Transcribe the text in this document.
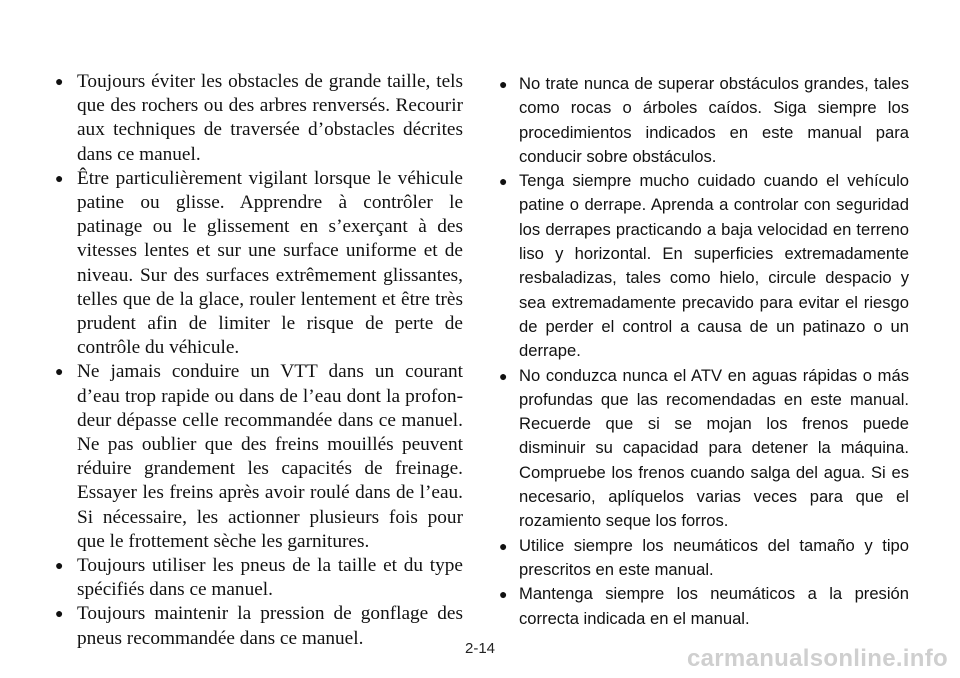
● Toujours éviter les obstacles de grande taille, tels que des rochers ou des arbres renversés. Recourir aux techniques de traversée d’obstacles décrites dans ce manuel.

● Être particulièrement vigilant lorsque le véhicule patine ou glisse. Apprendre à contrôler le patinage ou le glissement en s’exerçant à des vitesses lentes et sur une surface uniforme et de niveau. Sur des surfaces extrêmement glissantes, telles que de la glace, rouler lentement et être très prudent afin de limiter le risque de perte de contrôle du véhicule.

● Ne jamais conduire un VTT dans un courant d’eau trop rapide ou dans de l’eau dont la profondeur dépasse celle recommandée dans ce manuel. Ne pas oublier que des freins mouillés peuvent réduire grandement les capacités de freinage. Essayer les freins après avoir roulé dans de l’eau. Si nécessaire, les actionner plusieurs fois pour que le frottement sèche les garnitures.

● Toujours utiliser les pneus de la taille et du type spécifiés dans ce manuel.

● Toujours maintenir la pression de gonflage des pneus recommandée dans ce manuel.

● No trate nunca de superar obstáculos grandes, tales como rocas o árboles caídos. Siga siempre los procedimientos indicados en este manual para conducir sobre obstáculos.

● Tenga siempre mucho cuidado cuando el vehículo patine o derrape. Aprenda a controlar con seguridad los derrapes practicando a baja velocidad en terreno liso y horizontal. En superficies extremadamente resbaladizas, tales como hielo, circule despacio y sea extremadamente precavido para evitar el riesgo de perder el control a causa de un patinazo o un derrape.

● No conduzca nunca el ATV en aguas rápidas o más profundas que las recomendadas en este manual. Recuerde que si se mojan los frenos puede disminuir su capacidad para detener la máquina. Compruebe los frenos cuando salga del agua. Si es necesario, aplíquelos varias veces para que el rozamiento seque los forros.

● Utilice siempre los neumáticos del tamaño y tipo prescritos en este manual.

● Mantenga siempre los neumáticos a la presión correcta indicada en el manual.

2-14	carmanualsonline.info
